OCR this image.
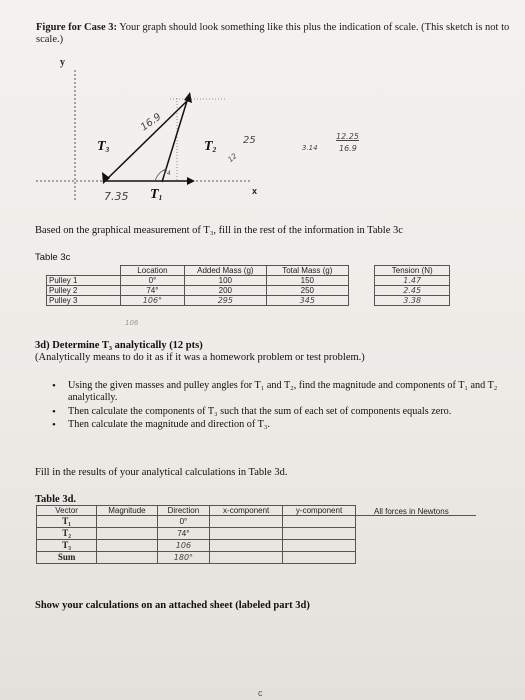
Figure for Case 3: Your graph should look something like this plus the indication of scale. (This sketch is not to scale.)
y
x
$T_3$	$T_2$
$T_1$
16.9
25
12
74
7.35
3.14
12.25
16.9
Based on the graphical measurement of T₃, fill in the rest of the information in Table 3c
Table 3c
	Location	Added Mass (g)	Total Mass (g)		Tension (N)
Pulley 1	0°	100	150		1.47
Pulley 2	74°	200	250		2.45
Pulley 3	106°	295	345		3.38
106
3d) Determine T₃ analytically (12 pts)
(Analytically means to do it as if it was a homework problem or test problem.)
• Using the given masses and pulley angles for T₁ and T₂, find the magnitude and components of T₁ and T₂ analytically.
• Then calculate the components of T₃ such that the sum of each set of components equals zero.
• Then calculate the magnitude and direction of T₃.
Fill in the results of your analytical calculations in Table 3d.
Table 3d.
Vector	Magnitude	Direction	x-component	y-component
T₁		0°		
T₂		74°		
T₃		106		
Sum		180°		
All forces in Newtons
Show your calculations on an attached sheet (labeled part 3d)
c
